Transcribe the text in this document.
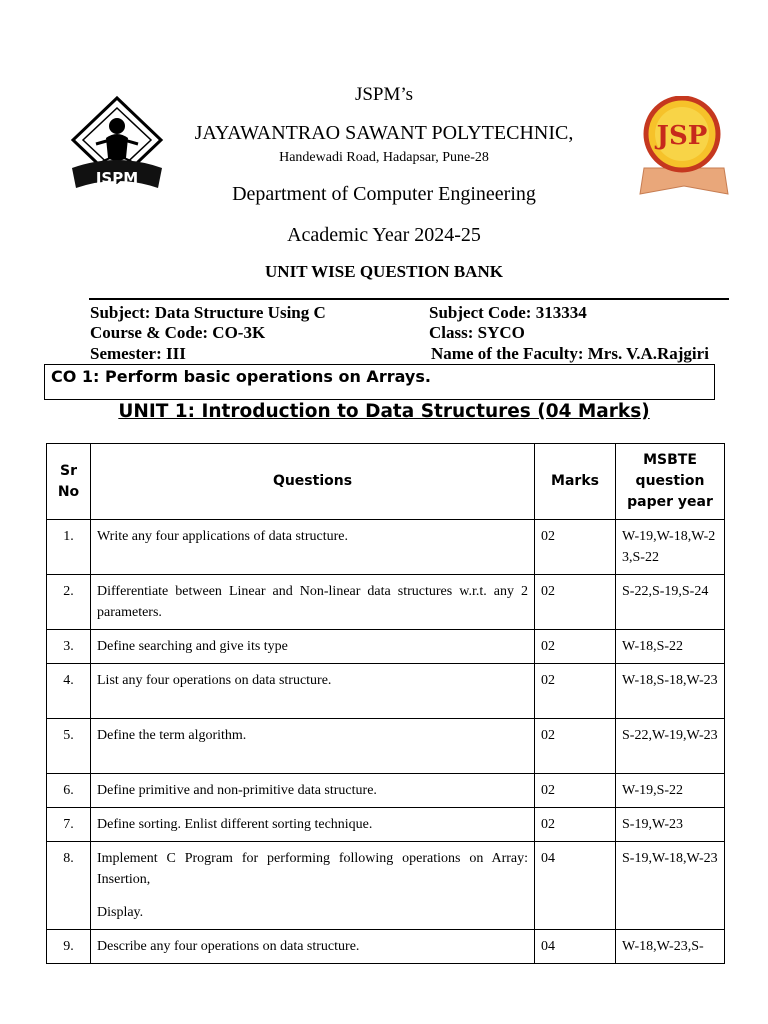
JSPM
JSP
JSPM’s
JAYAWANTRAO SAWANT POLYTECHNIC,
Handewadi Road, Hadapsar, Pune-28
Department of Computer Engineering
Academic Year 2024-25
UNIT WISE QUESTION BANK
Subject: Data Structure Using C
Course & Code: CO-3K
Semester: III
Subject Code: 313334
Class: SYCO
Name of the Faculty: Mrs. V.A.Rajgiri
CO 1: Perform basic operations on Arrays.
UNIT 1: Introduction to Data Structures (04 Marks)
Sr No	Questions	Marks	MSBTE question paper year
1.	Write any four applications of data structure.	02	W-19,W-18,W-23,S-22
2.	Differentiate between Linear and Non-linear data structures w.r.t. any 2 parameters.	02	S-22,S-19,S-24
3.	Define searching and give its type	02	W-18,S-22
4.	List any four operations on data structure.	02	W-18,S-18,W-23
5.	Define the term algorithm.	02	S-22,W-19,W-23
6.	Define primitive and non-primitive data structure.	02	W-19,S-22
7.	Define sorting. Enlist different sorting technique.	02	S-19,W-23
8.	Implement C Program for performing following operations on Array: Insertion,
Display.	04	S-19,W-18,W-23
9.	Describe any four operations on data structure.	04	W-18,W-23,S-
